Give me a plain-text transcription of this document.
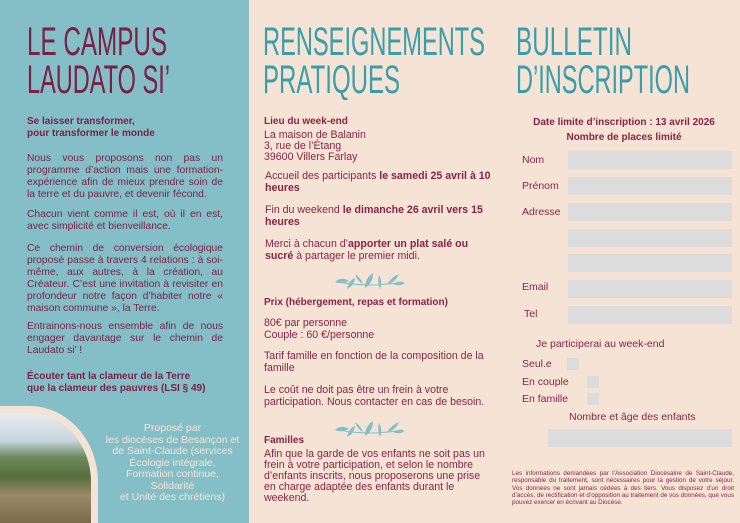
LE CAMPUS
LAUDATO SI’
RENSEIGNEMENTS
PRATIQUES
BULLETIN
D’INSCRIPTION
Se laisser transformer,
pour transformer le monde
Nous vous proposons non pas un programme d’action mais une formation-expérience afin de mieux prendre soin de la terre et du pauvre, et devenir fécond.
Chacun vient comme il est, où il en est, avec simplicité et bienveillance.
Ce chemin de conversion écologique proposé passe à travers 4 relations : à soi-même, aux autres, à la création, au Créateur. C’est une invitation à revisiter en profondeur notre façon d’habiter notre « maison commune », la Terre.
Entrainons-nous ensemble afin de nous engager davantage sur le chemin de Laudato si’ !
Écouter tant la clameur de la Terre
que la clameur des pauvres (LSI § 49)
Proposé par
les diocèses de Besançon et
de Saint-Claude (services
Écologie intégrale,
Formation continue,
Solidarité
et Unité des chrétiens)
Lieu du week-end
La maison de Balanin
3, rue de l’Étang
39600 Villers Farlay
Accueil des participants le samedi 25 avril à 10 heures
Fin du weekend le dimanche 26 avril vers 15 heures
Merci à chacun d’apporter un plat salé ou sucré à partager le premier midi.
Prix (hébergement, repas et formation)
80€ par personne
Couple : 60 €/personne
Tarif famille en fonction de la composition de la famille
Le coût ne doit pas être un frein à votre participation. Nous contacter en cas de besoin.
Familles
Afin que la garde de vos enfants ne soit pas un frein à votre participation, et selon le nombre d’enfants inscrits, nous proposerons une prise en charge adaptée des enfants durant le weekend.
Date limite d’inscription : 13 avril 2026
Nombre de places limité
Nom
Prénom
Adresse
Email
Tel
Je participerai au week-end
Seul.e
En couple
En famille
Nombre et âge des enfants
Les informations demandées par l’Association Diocésaine de Saint-Claude, responsable du traitement, sont nécessaires pour la gestion de votre séjour. Vos données ne sont jamais cédées à des tiers. Vous disposez d’un droit d’accès, de rectification et d’opposition au traitement de vos données, que vous pouvez exercer en écrivant au Diocèse.
